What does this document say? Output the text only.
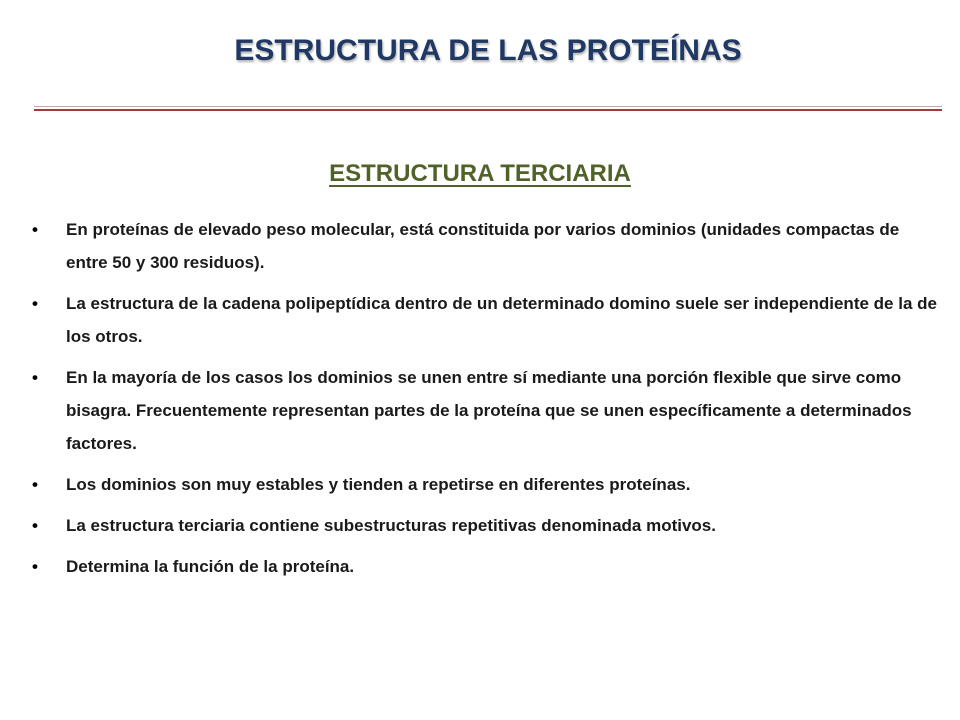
ESTRUCTURA DE LAS PROTEÍNAS
ESTRUCTURA TERCIARIA
• En proteínas de elevado peso molecular, está constituida por varios dominios (unidades compactas de entre 50 y 300 residuos).
• La estructura de la cadena polipeptídica dentro de un determinado domino suele ser independiente de la de los otros.
• En la mayoría de los casos los dominios se unen entre sí mediante una porción flexible que sirve como bisagra. Frecuentemente representan partes de la proteína que se unen específicamente a determinados factores.
• Los dominios son muy estables y tienden a repetirse en diferentes proteínas.
• La estructura terciaria contiene subestructuras repetitivas denominada motivos.
• Determina la función de la proteína.
